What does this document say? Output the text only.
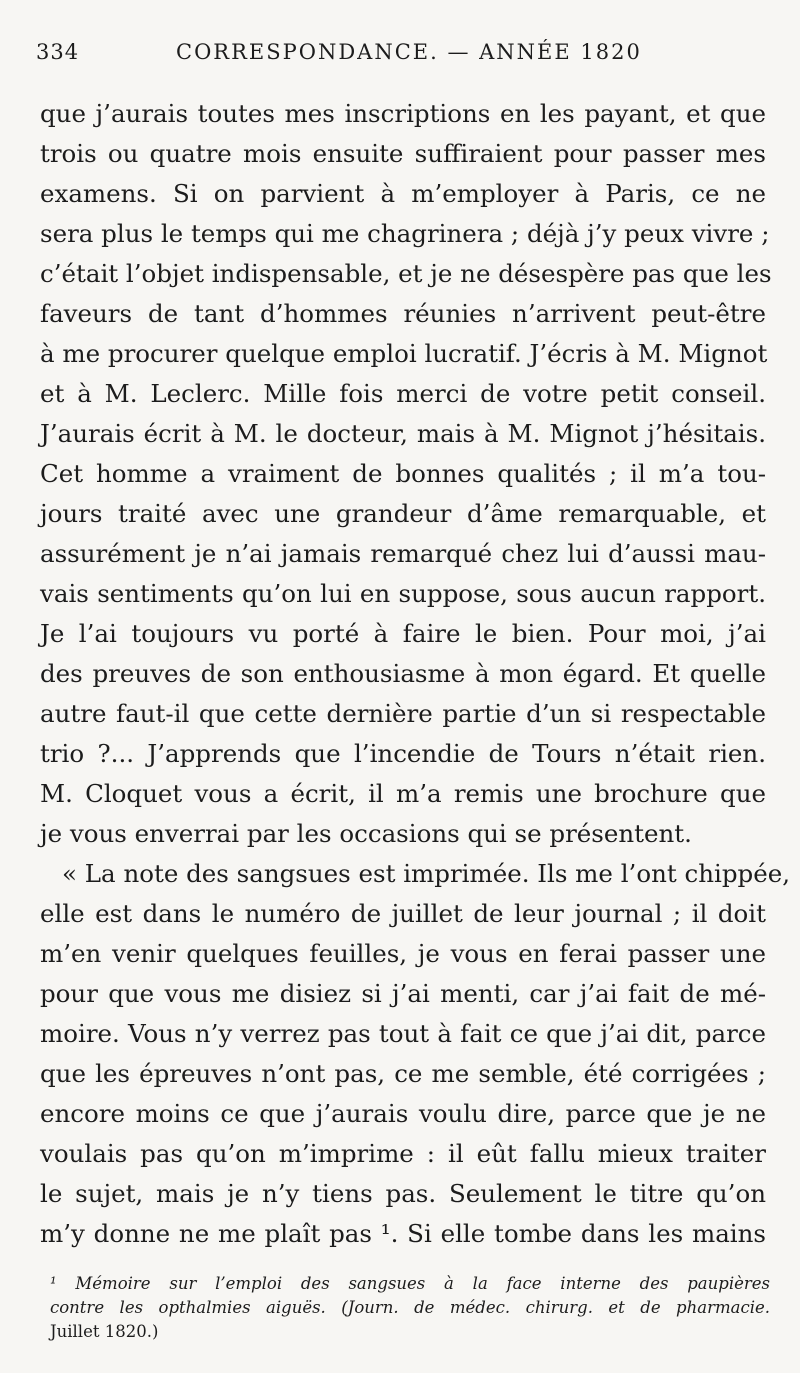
334	CORRESPONDANCE. — ANNÉE 1820
que j’aurais toutes mes inscriptions en les payant, et que
trois ou quatre mois ensuite suffiraient pour passer mes
examens. Si on parvient à m’employer à Paris, ce ne
sera plus le temps qui me chagrinera ; déjà j’y peux vivre ;
c’était l’objet indispensable, et je ne désespère pas que les
faveurs de tant d’hommes réunies n’arrivent peut-être
à me procurer quelque emploi lucratif. J’écris à M. Mignot
et à M. Leclerc. Mille fois merci de votre petit conseil.
J’aurais écrit à M. le docteur, mais à M. Mignot j’hésitais.
Cet homme a vraiment de bonnes qualités ; il m’a tou-
jours traité avec une grandeur d’âme remarquable, et
assurément je n’ai jamais remarqué chez lui d’aussi mau-
vais sentiments qu’on lui en suppose, sous aucun rapport.
Je l’ai toujours vu porté à faire le bien. Pour moi, j’ai
des preuves de son enthousiasme à mon égard. Et quelle
autre faut-il que cette dernière partie d’un si respectable
trio ?... J’apprends que l’incendie de Tours n’était rien.
M. Cloquet vous a écrit, il m’a remis une brochure que
je vous enverrai par les occasions qui se présentent.
« La note des sangsues est imprimée. Ils me l’ont chippée,
elle est dans le numéro de juillet de leur journal ; il doit
m’en venir quelques feuilles, je vous en ferai passer une
pour que vous me disiez si j’ai menti, car j’ai fait de mé-
moire. Vous n’y verrez pas tout à fait ce que j’ai dit, parce
que les épreuves n’ont pas, ce me semble, été corrigées ;
encore moins ce que j’aurais voulu dire, parce que je ne
voulais pas qu’on m’imprime : il eût fallu mieux traiter
le sujet, mais je n’y tiens pas. Seulement le titre qu’on
m’y donne ne me plaît pas ¹. Si elle tombe dans les mains
¹ Mémoire sur l’emploi des sangsues à la face interne des paupières
contre les opthalmies aiguës. (Journ. de médec. chirurg. et de pharmacie.
Juillet 1820.)
